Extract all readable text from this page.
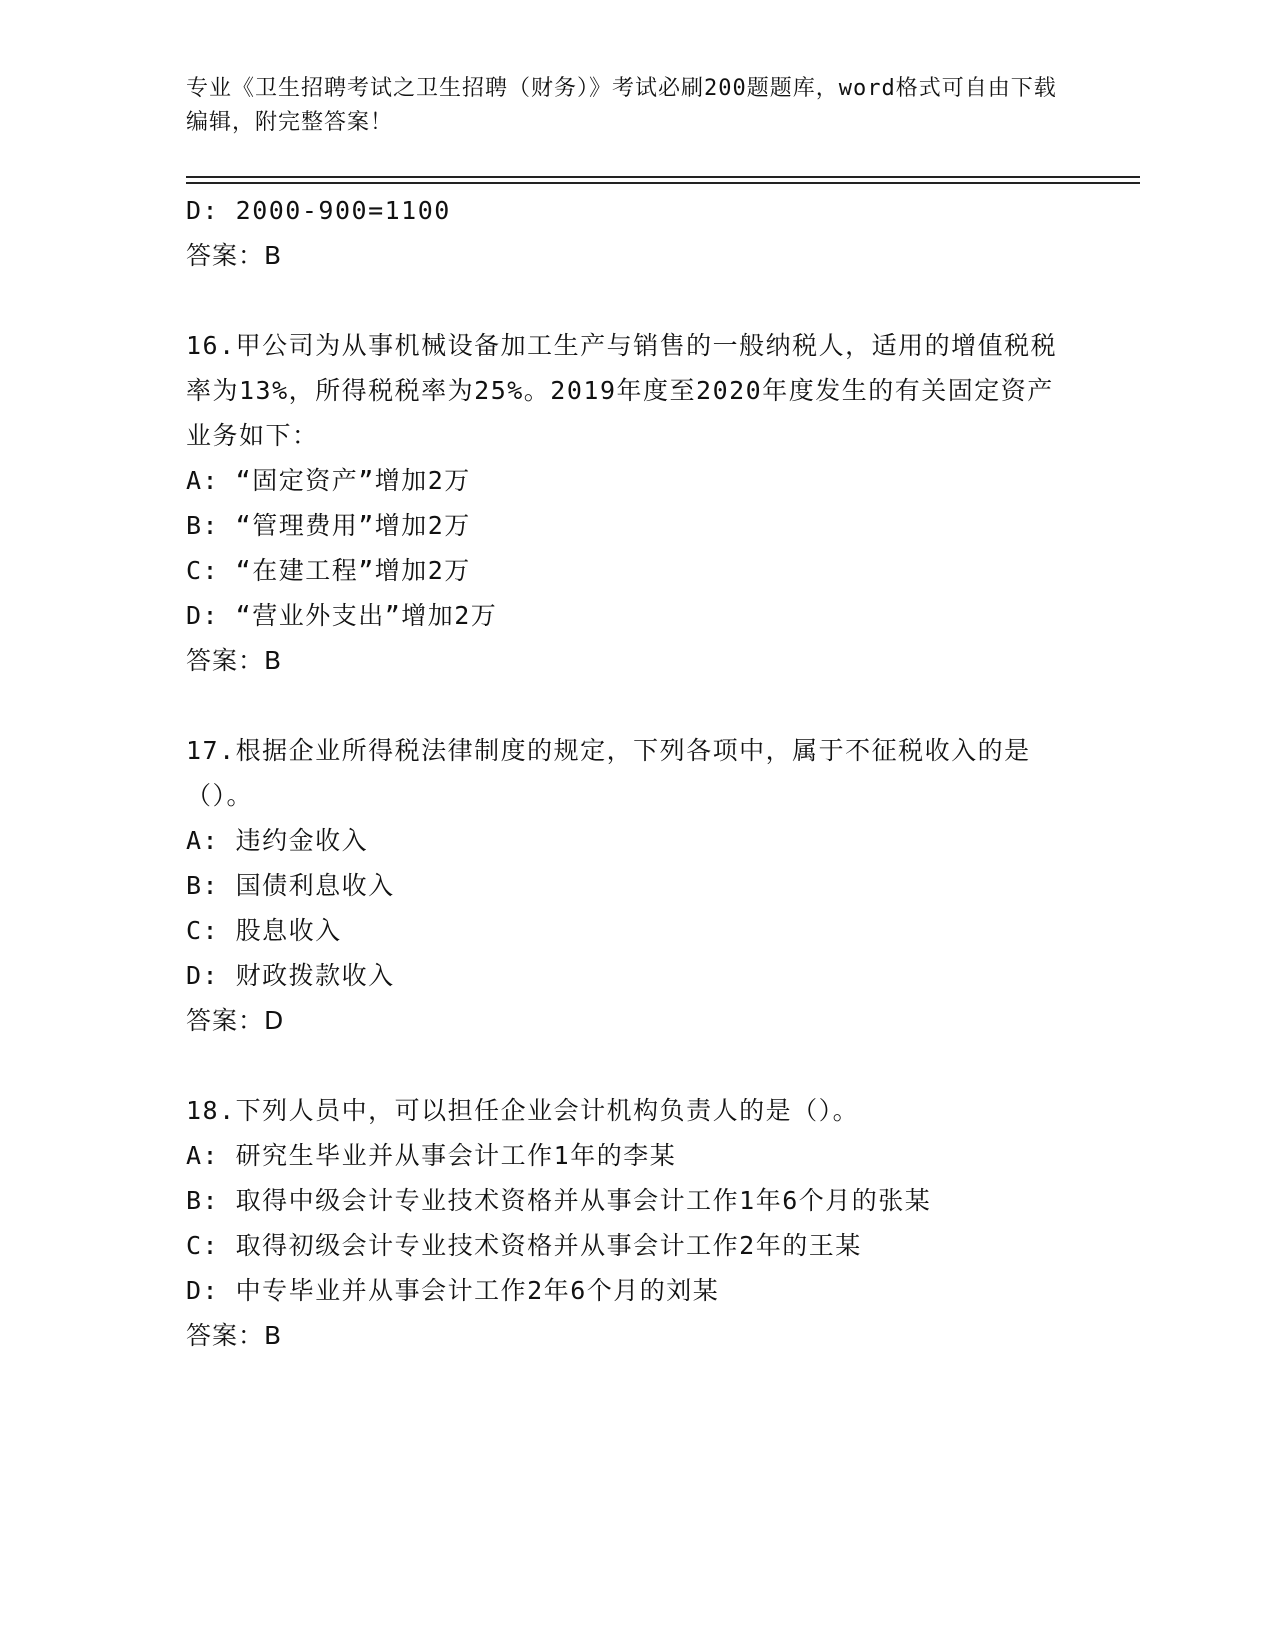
专业《卫生招聘考试之卫生招聘（财务）》考试必刷200题题库，word格式可自由下载编辑，附完整答案！
D: 2000-900=1100
答案：B
16.甲公司为从事机械设备加工生产与销售的一般纳税人，适用的增值税税率为13%，所得税税率为25%。2019年度至2020年度发生的有关固定资产业务如下：
A: “固定资产”增加2万
B: “管理费用”增加2万
C: “在建工程”增加2万
D: “营业外支出”增加2万
答案：B
17.根据企业所得税法律制度的规定，下列各项中，属于不征税收入的是（）。
A: 违约金收入
B: 国债利息收入
C: 股息收入
D: 财政拨款收入
答案：D
18.下列人员中，可以担任企业会计机构负责人的是（）。
A: 研究生毕业并从事会计工作1年的李某
B: 取得中级会计专业技术资格并从事会计工作1年6个月的张某
C: 取得初级会计专业技术资格并从事会计工作2年的王某
D: 中专毕业并从事会计工作2年6个月的刘某
答案：B
